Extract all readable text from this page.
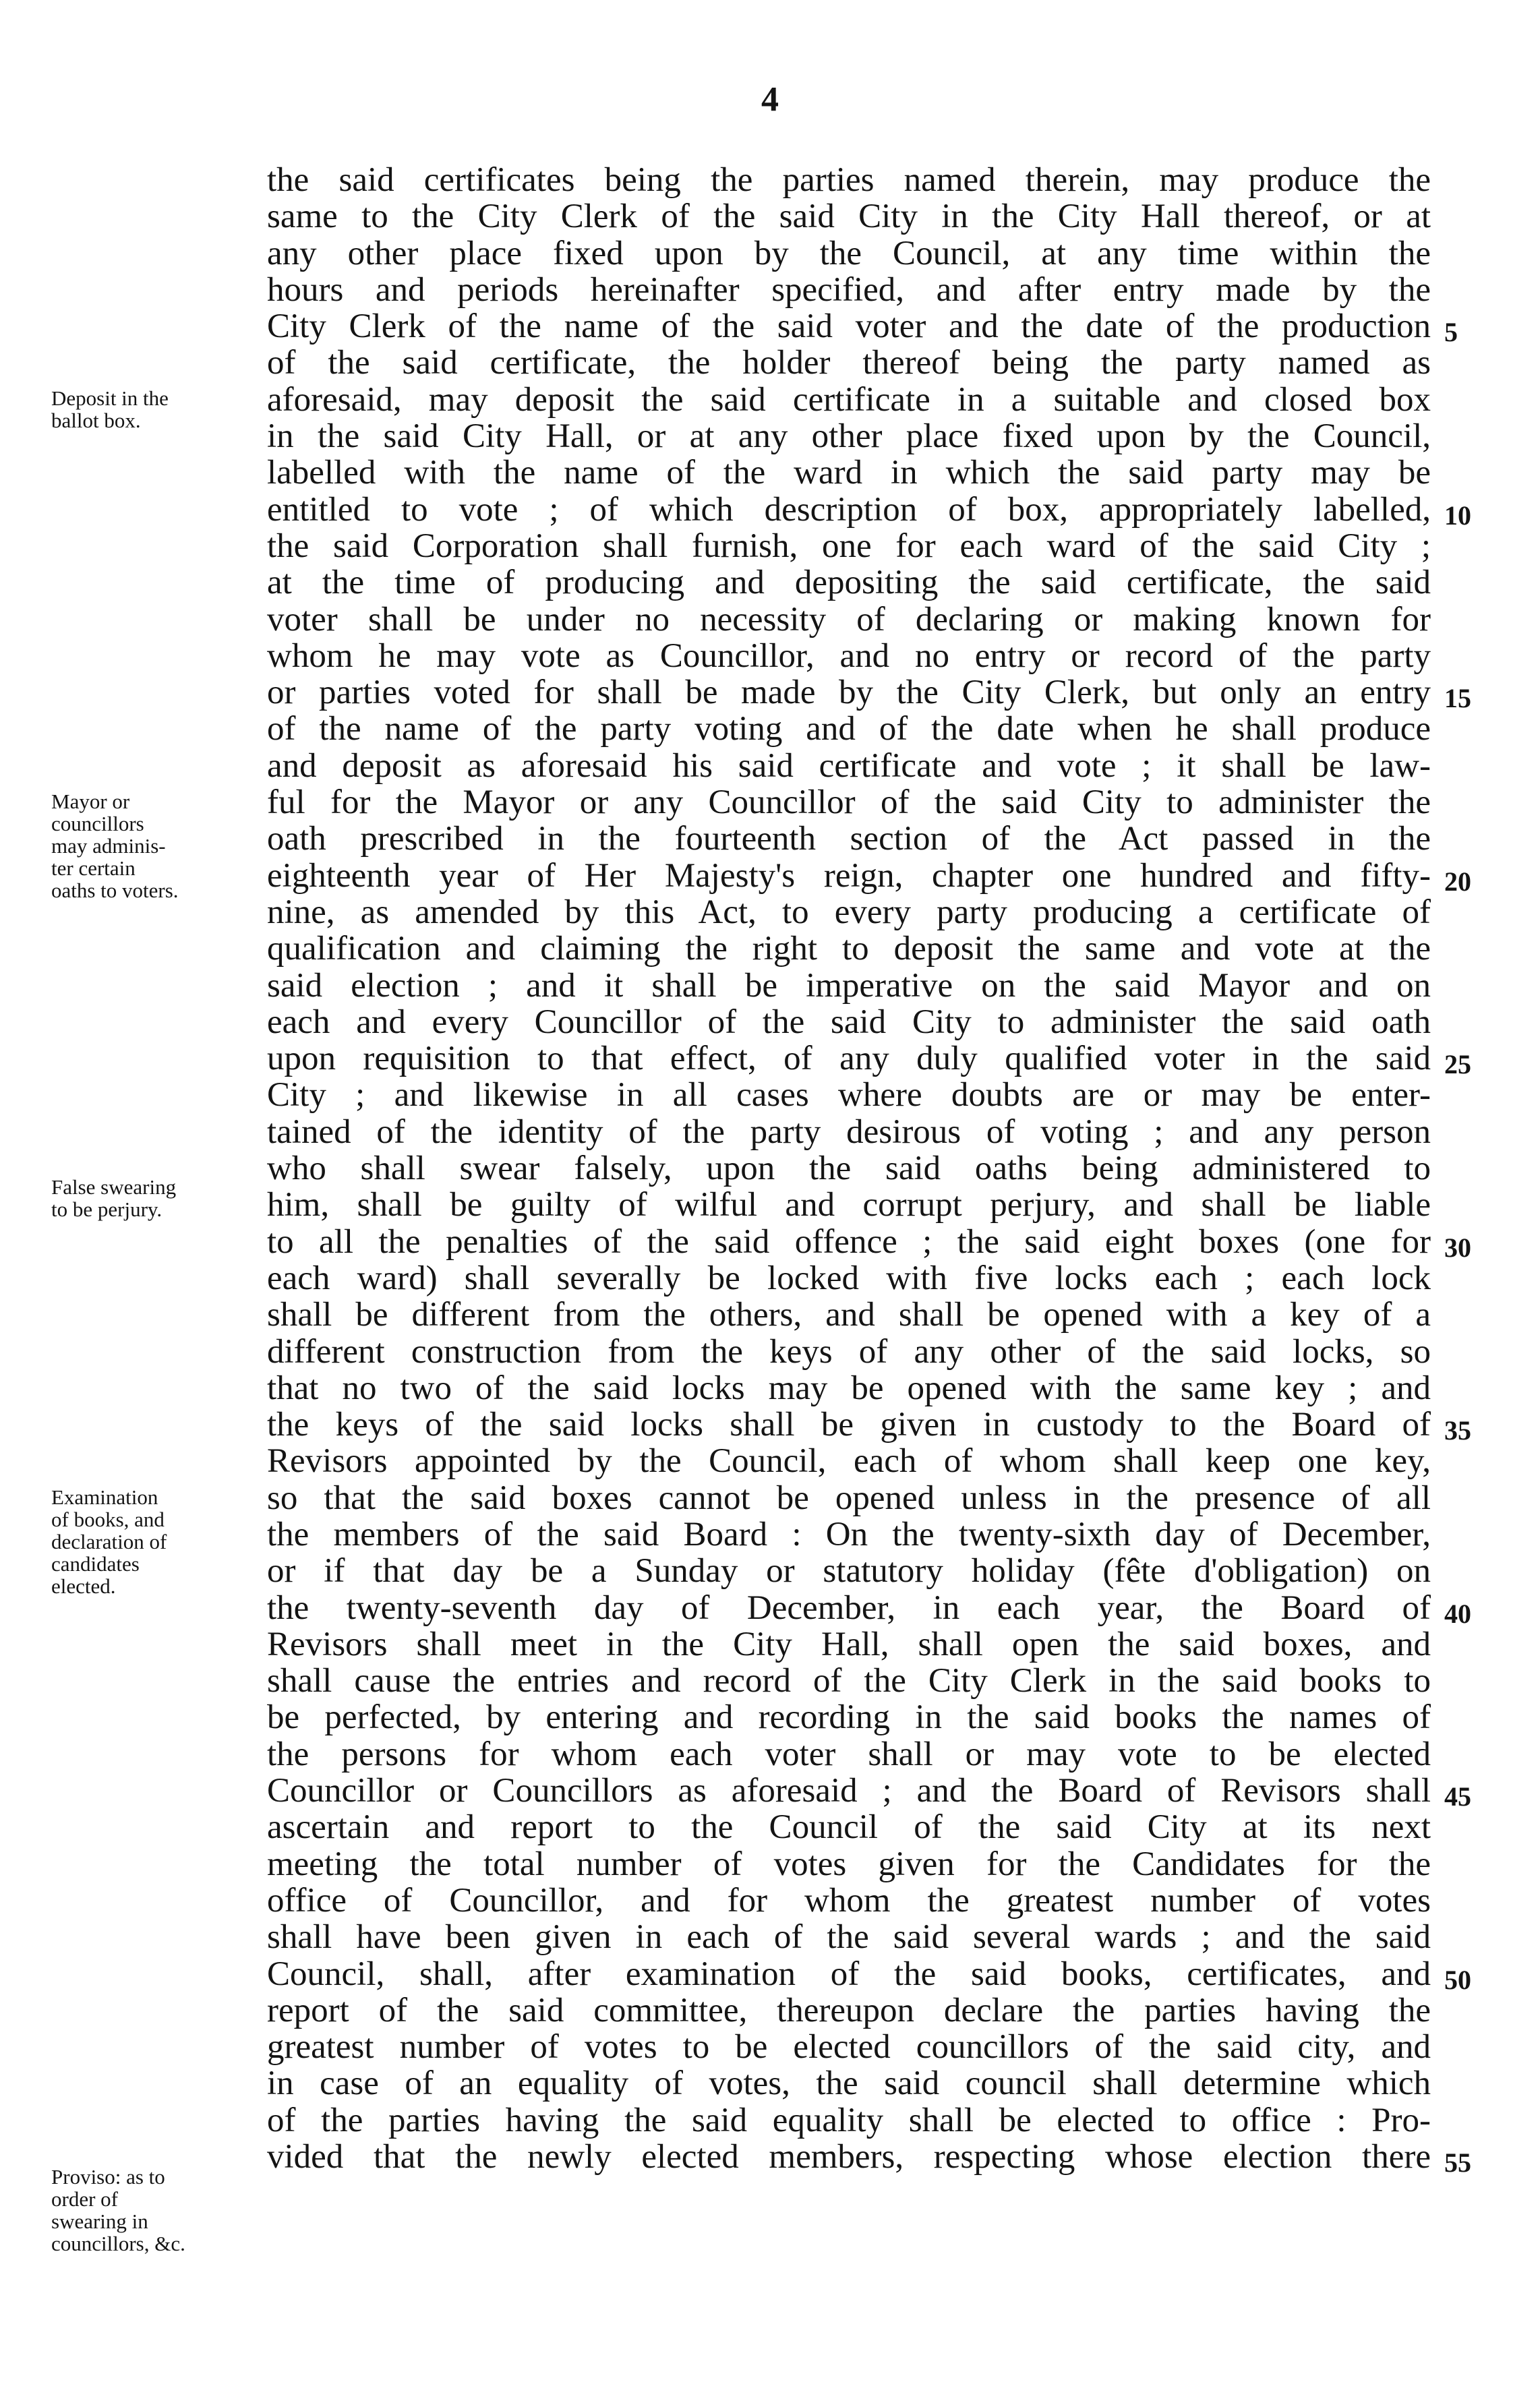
4
Deposit in the
ballot box.
Mayor or
councillors
may adminis-
ter certain
oaths to voters.
False swearing
to be perjury.
Examination
of books, and
declaration of
candidates
elected.
Proviso: as to
order of
swearing in
councillors, &c.
the said certificates being the parties named therein, may produce the
same to the City Clerk of the said City in the City Hall thereof, or at
any other place fixed upon by the Council, at any time within the
hours and periods hereinafter specified, and after entry made by the
City Clerk of the name of the said voter and the date of the production
of the said certificate, the holder thereof being the party named as
aforesaid, may deposit the said certificate in a suitable and closed box
in the said City Hall, or at any other place fixed upon by the Council,
labelled with the name of the ward in which the said party may be
entitled to vote ; of which description of box, appropriately labelled,
the said Corporation shall furnish, one for each ward of the said City ;
at the time of producing and depositing the said certificate, the said
voter shall be under no necessity of declaring or making known for
whom he may vote as Councillor, and no entry or record of the party
or parties voted for shall be made by the City Clerk, but only an entry
of the name of the party voting and of the date when he shall produce
and deposit as aforesaid his said certificate and vote ; it shall be law-
ful for the Mayor or any Councillor of the said City to administer the
oath prescribed in the fourteenth section of the Act passed in the
eighteenth year of Her Majesty's reign, chapter one hundred and fifty-
nine, as amended by this Act, to every party producing a certificate of
qualification and claiming the right to deposit the same and vote at the
said election ; and it shall be imperative on the said Mayor and on
each and every Councillor of the said City to administer the said oath
upon requisition to that effect, of any duly qualified voter in the said
City ; and likewise in all cases where doubts are or may be enter-
tained of the identity of the party desirous of voting ; and any person
who shall swear falsely, upon the said oaths being administered to
him, shall be guilty of wilful and corrupt perjury, and shall be liable
to all the penalties of the said offence ; the said eight boxes (one for
each ward) shall severally be locked with five locks each ; each lock
shall be different from the others, and shall be opened with a key of a
different construction from the keys of any other of the said locks, so
that no two of the said locks may be opened with the same key ; and
the keys of the said locks shall be given in custody to the Board of
Revisors appointed by the Council, each of whom shall keep one key,
so that the said boxes cannot be opened unless in the presence of all
the members of the said Board : On the twenty-sixth day of December,
or if that day be a Sunday or statutory holiday (fête d'obligation) on
the twenty-seventh day of December, in each year, the Board of
Revisors shall meet in the City Hall, shall open the said boxes, and
shall cause the entries and record of the City Clerk in the said books to
be perfected, by entering and recording in the said books the names of
the persons for whom each voter shall or may vote to be elected
Councillor or Councillors as aforesaid ; and the Board of Revisors shall
ascertain and report to the Council of the said City at its next
meeting the total number of votes given for the Candidates for the
office of Councillor, and for whom the greatest number of votes
shall have been given in each of the said several wards ; and the said
Council, shall, after examination of the said books, certificates, and
report of the said committee, thereupon declare the parties having the
greatest number of votes to be elected councillors of the said city, and
in case of an equality of votes, the said council shall determine which
of the parties having the said equality shall be elected to office : Pro-
vided that the newly elected members, respecting whose election there
5
10
15
20
25
30
35
40
45
50
55
